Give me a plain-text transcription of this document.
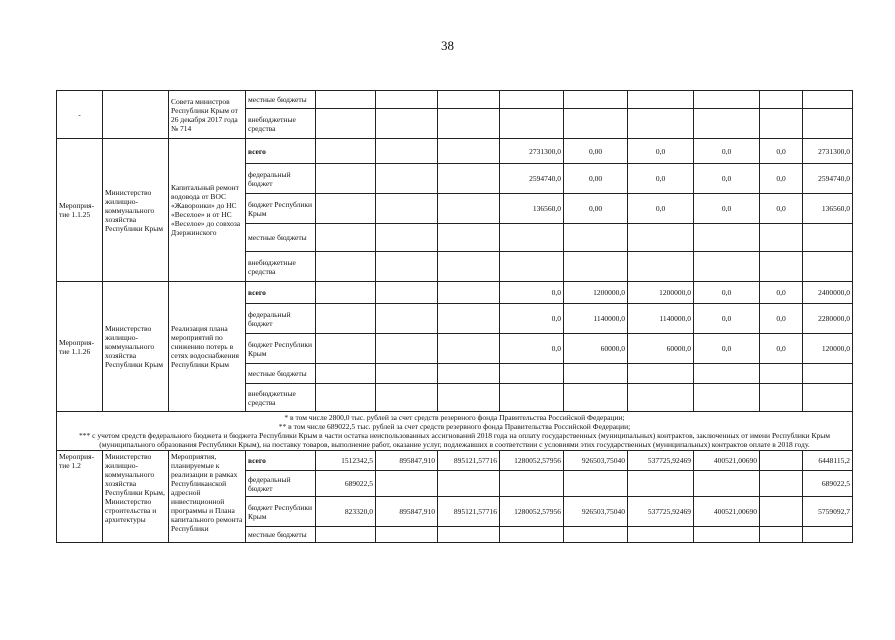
38
-		Совета министров Республики Крым от 26 декабря 2017 года № 714	местные бюджеты									
			внебюджетные средства									
Мероприя-тие 1.1.25	Министерство жилищно-коммунального хозяйства Республики Крым	Капитальный ремонт водовода от ВОС «Жаворонки» до НС «Веселое» и от НС «Веселое» до совхоза Дзержинского	всего				2731300,0	0,00	0,0	0,0	0,0	2731300,0
			федеральный бюджет				2594740,0	0,00	0,0	0,0	0,0	2594740,0
			бюджет Республики Крым				136560,0	0,00	0,0	0,0	0,0	136560,0
			местные бюджеты									
			внебюджетные средства									
Мероприя-тие 1.1.26	Министерство жилищно-коммунального хозяйства Республики Крым	Реализация плана мероприятий по снижению потерь в сетях водоснабжения Республики Крым	всего				0,0	1200000,0	1200000,0	0,0	0,0	2400000,0
			федеральный бюджет				0,0	1140000,0	1140000,0	0,0	0,0	2280000,0
			бюджет Республики Крым				0,0	60000,0	60000,0	0,0	0,0	120000,0
			местные бюджеты									
			внебюджетные средства									

* в том числе 2800,0 тыс. рублей за счет средств резервного фонда Правительства Российской Федерации;
** в том числе 689022,5 тыс. рублей за счет средств резервного фонда Правительства Российской Федерации;
*** с учетом средств федерального бюджета и бюджета Республики Крым в части остатка неиспользованных ассигнований 2018 года на оплату государственных (муниципальных) контрактов, заключенных от имени Республики Крым (муниципального образования Республики Крым), на поставку товаров, выполнение работ, оказание услуг, подлежавших в соответствии с условиями этих государственных (муниципальных) контрактов оплате в 2018 году.												

Мероприя-тие 1.2	Министерство жилищно-коммунального хозяйства Республики Крым, Министерство строительства и архитектуры	Мероприятия, планируемые к реализации в рамках Республиканской адресной инвестиционной программы и Плана капитального ремонта Республики	всего	1512342,5	895847,910	895121,57716	1280052,57956	926503,75040	537725,92469	400521,00690		6448115,2
			федеральный бюджет	689022,5								689022,5
			бюджет Республики Крым	823320,0	895847,910	895121,57716	1280052,57956	926503,75040	537725,92469	400521,00690		5759092,7
			местные бюджеты									
